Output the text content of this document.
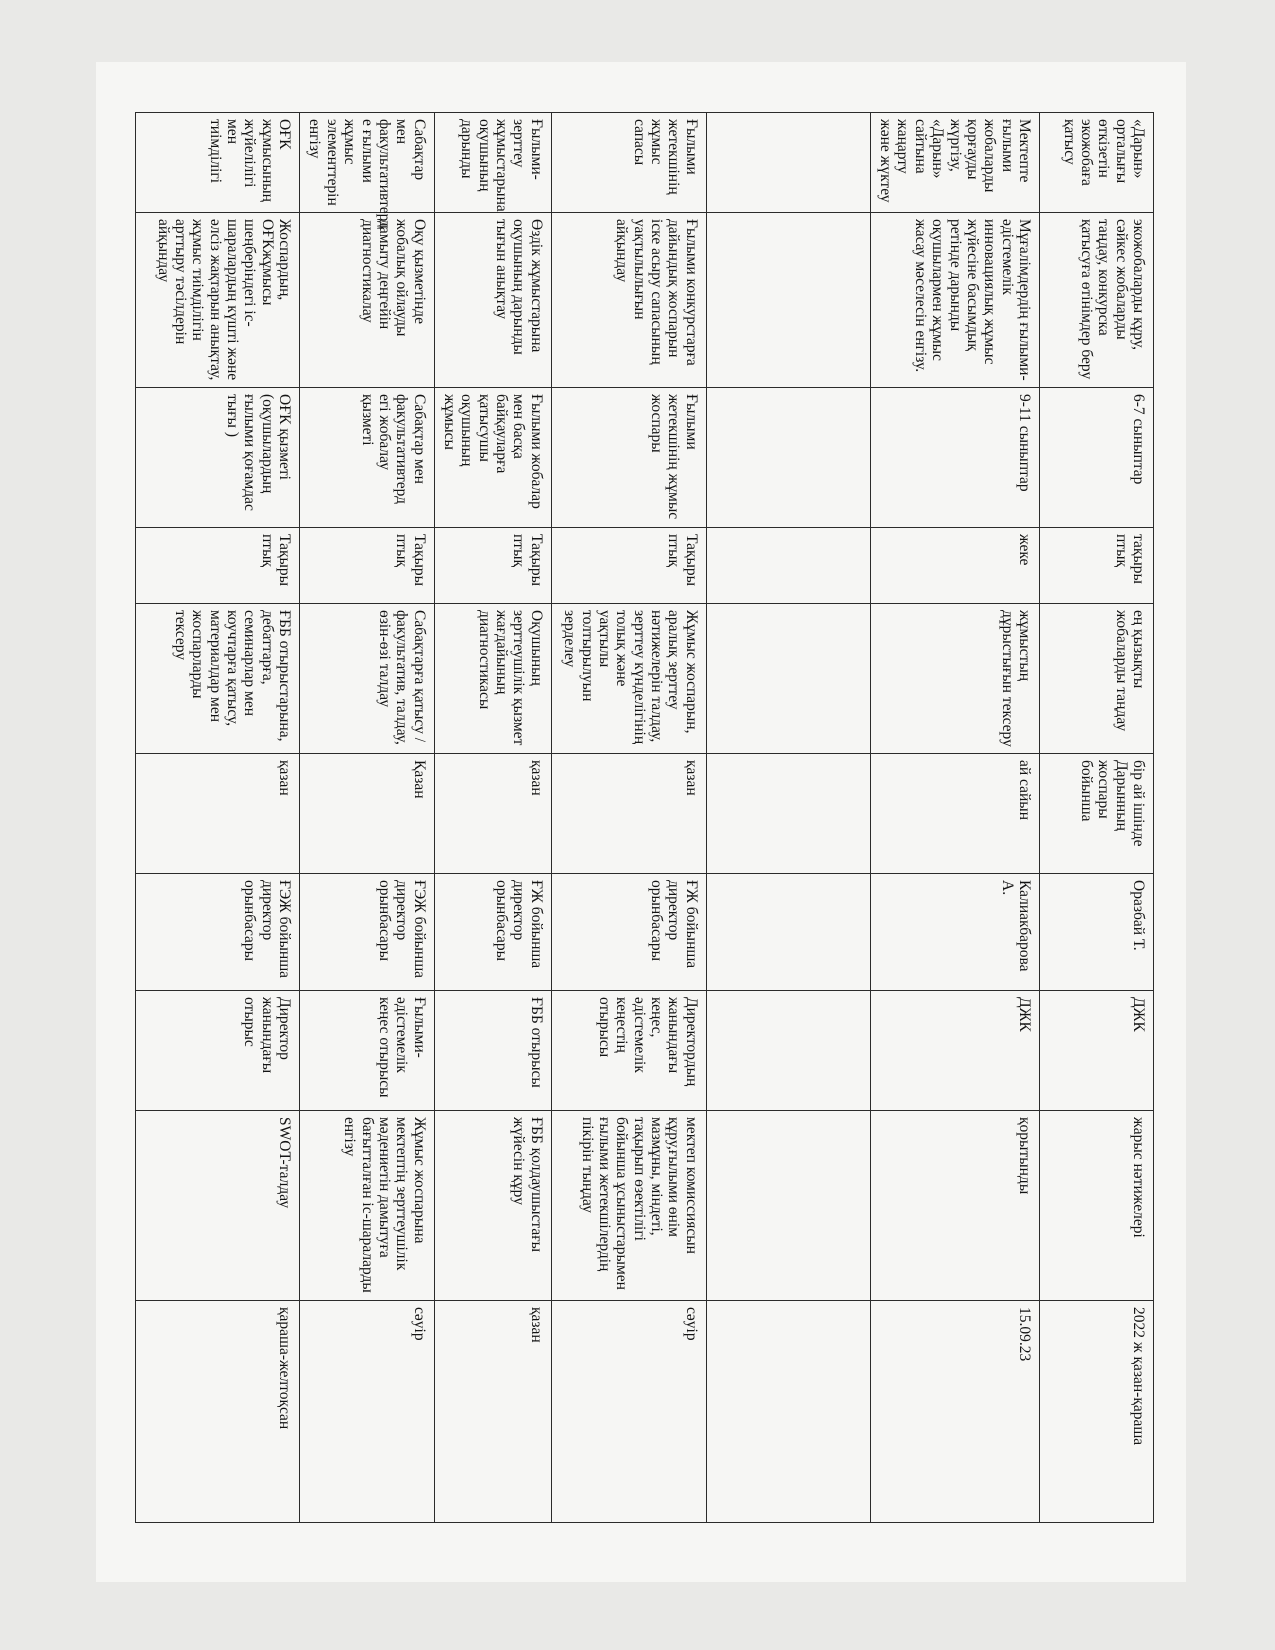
«Дарын» орталығы өткізетін экожобаға қатысу	экожобаларды құру, сәйкес жобаларды таңдау, конкурска қатысуға өтінімдер беру	6-7 сыныптар	тақыры птық	ең қызықты жобаларды таңдау	бір ай ішінде Дарынның жоспары бойынша	Оразбай Т.	ДЖК	жарыс нәтижелері	2022 ж қазан-қараша
Мектепте ғылыми жобаларды қорғауды жүргізу, «Дарын» сайтына жаңарту және жүктеу	Мұғалімдердің ғылыми-әдістемелік инновациялық жұмыс жүйесіне басымдық ретінде дарынды оқушылармен жұмыс жасау мәселесін енгізу.	9-11 сыныптар	жеке	жұмыстың дұрыстығын тексеру	ай сайын	Калиакбарова А.	ДЖК	қорытынды	15.09.23

Ғылыми жетекшінің жұмыс сапасы	Ғылыми конкурстарға дайындық жоспарын іске асыру сапасының уақтылылығын айқындау	Ғылыми жетекшінің жұмыс жоспары	Тақыры птық	Жұмыс жоспарын, аралық зерттеу нәтижелерін талдау, зерттеу күнделігінің толық және уақтылы толтырылуын зерделеу	қазан	ҒЖ бойынша директор орынбасары	Директордың жанындағы кеңес, әдістемелік кеңестің отырысы	мектеп комиссиясын құру,ғылыми өнім мазмұны, міндеті, тақырып өзектілігі бойынша ұсыныстарымен ғылыми жетекшілердің пікірін тыңдау	сәуір
Ғылыми-зерттеу жұмыстарына оқушының дарынды	Өздік жұмыстарына оқушының дарынды тығын анықтау	Ғылыми жобалар мен басқа байқауларға қатысушы оқушының жұмысы	Тақыры птық	Оқушының зерттеушілік қызмет жағдайының диагностикасы	қазан	ҒЖ бойынша директор орынбасары	ҒББ отырысы	ҒББ қолдаушыстағы жүйесін құру	қазан
Сабақтар мен факультативтерд е ғылыми жұмыс элементтерін енгізу	Оқу қызметінде жобалық ойлауды дамыту деңгейін диагностикалау	Сабақтар мен факультативтерд егі жобалау қызметі	Тақыры птық	Сабақтарға қатысу / факультатив, талдау, өзін-өзі талдау	Қазан	ҒЭЖ бойынша директор орынбасары	Ғылыми-әдістемелік кеңес отырысы	Жұмыс жоспарына мектептің зерттеушілік мәдениетін дамытуға бағытталған іс-шараларды енгізу	сәуір
ОҒК жұмысының жүйелілігі мен тиімділігі	Жоспардың, ОҒКжұмысы шеңберіндегі іс-шаралардың күшті және әлсіз жақтарын анықтау, жұмыс тиімділігін арттыру тәсілдерін айқындау	ОҒК қызметі (оқушылардың ғылыми қоғамдас тығы )	Тақыры птық	ҒББ отырыстарына, дебаттарға, семинарлар мен коучтарға қатысу, материалдар мен жоспарларды тексеру	қазан	ҒЭЖ бойынша директор орынбасары	Директор жанындағы отырыс	SWOT-талдау	қараша-желтоқсан
